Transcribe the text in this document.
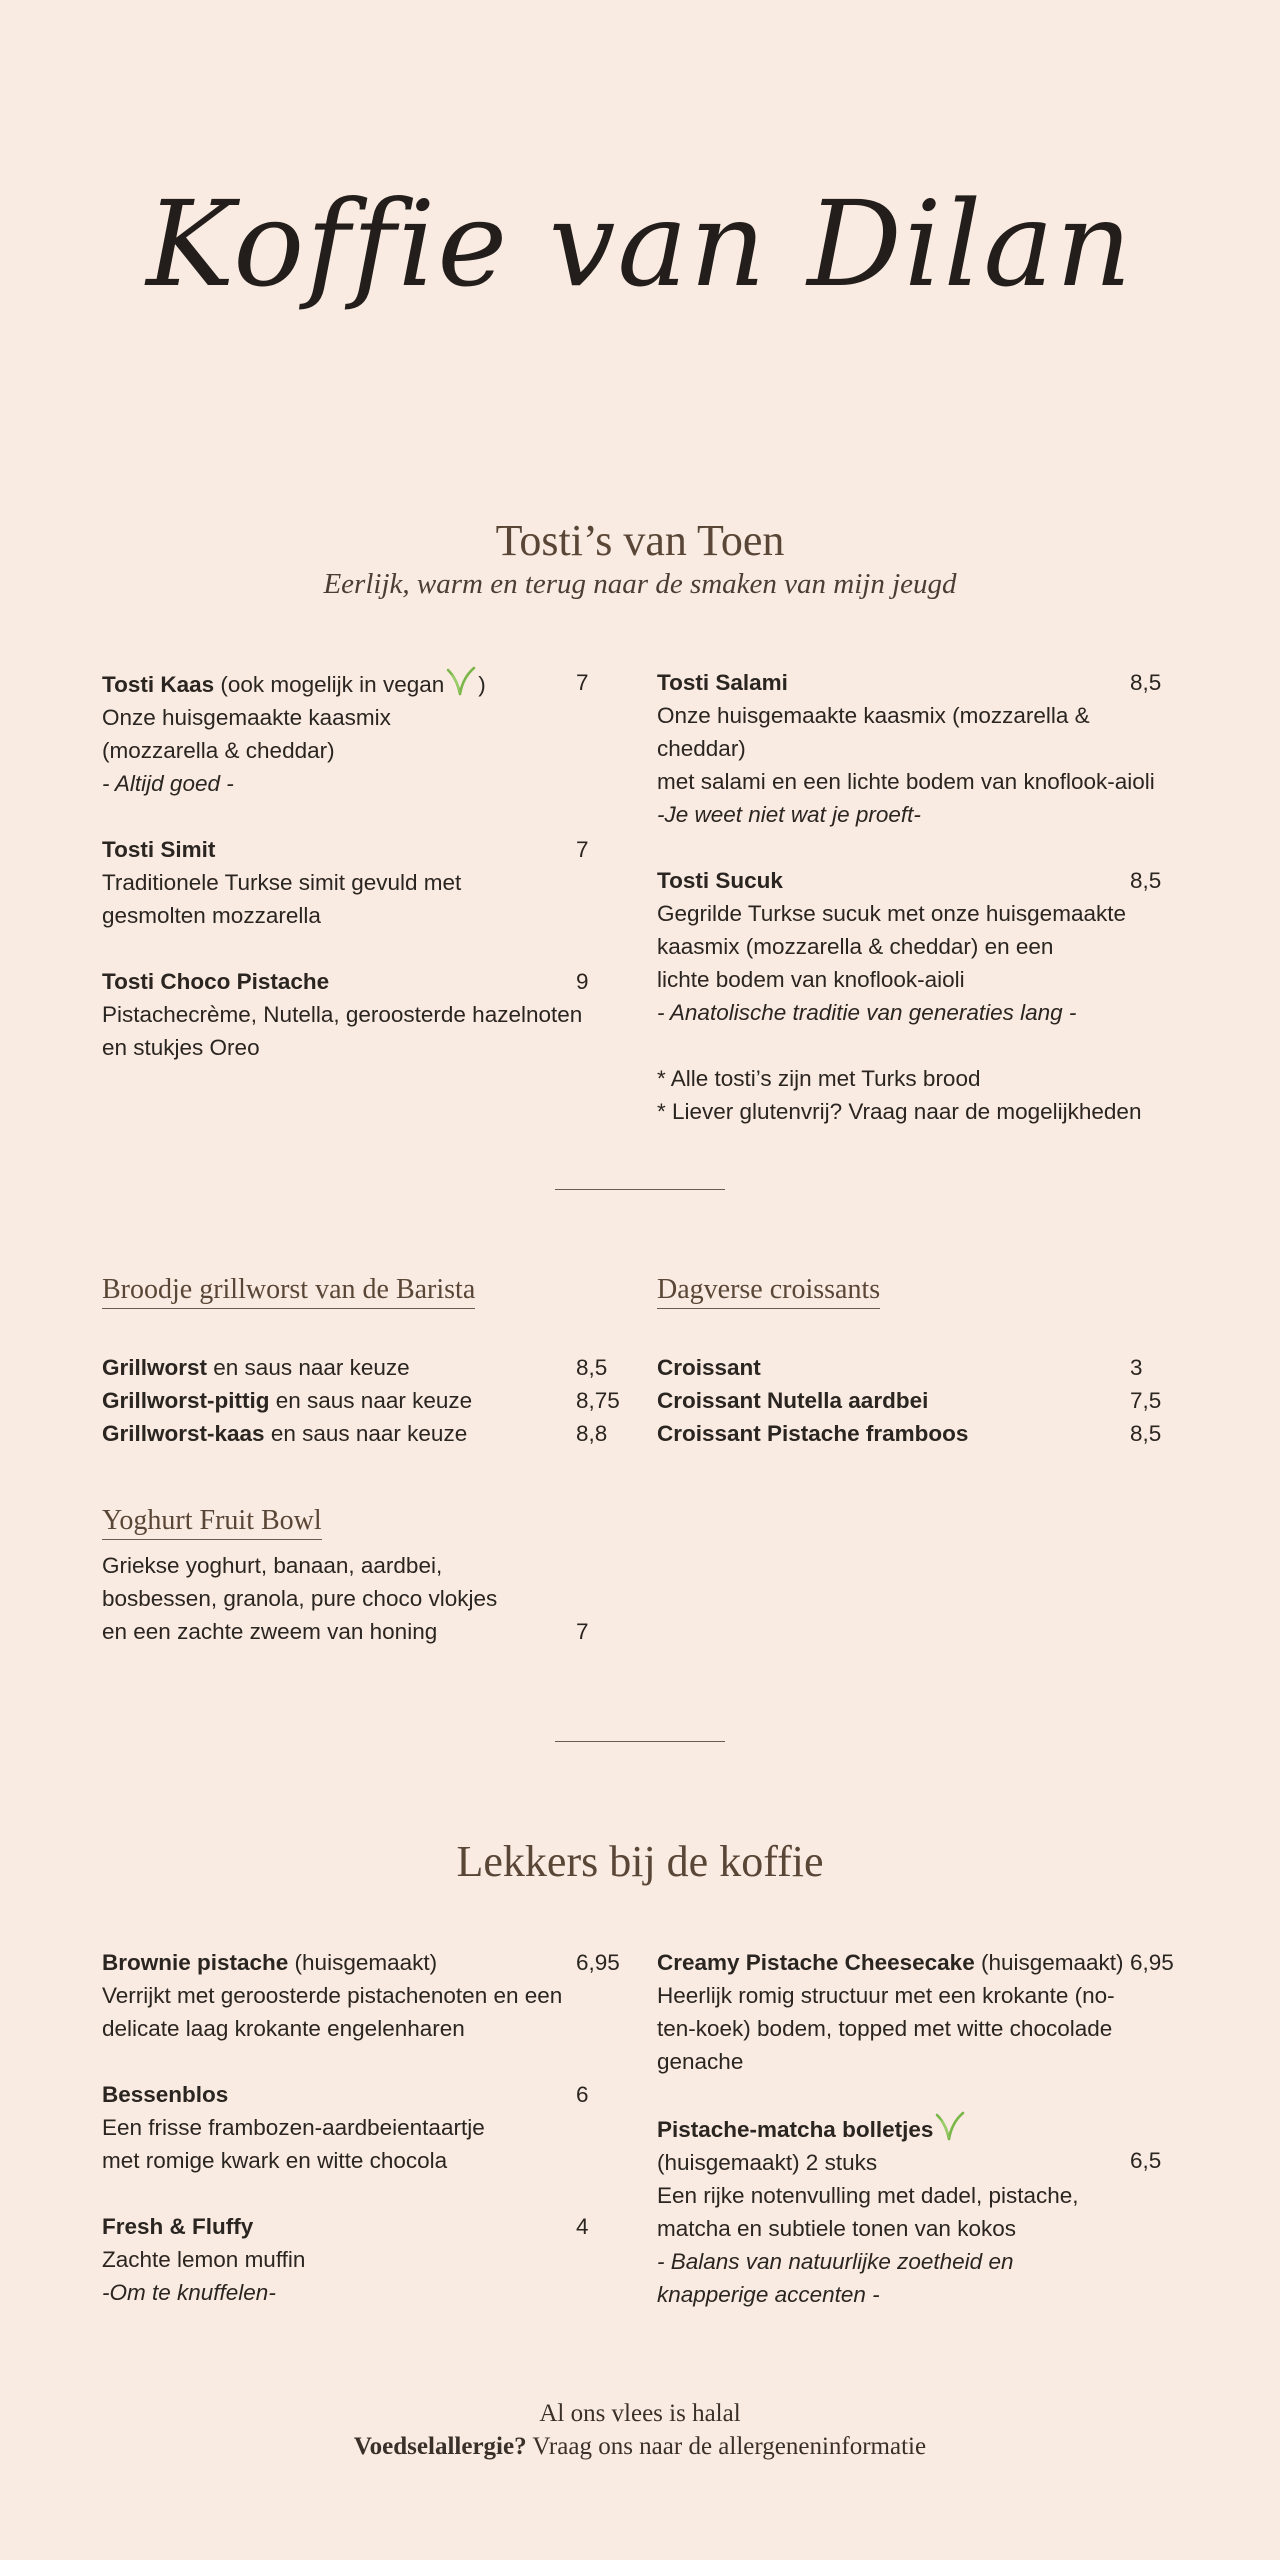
Koffie van Dilan
Tosti’s van Toen
Eerlijk, warm en terug naar de smaken van mijn jeugd
Tosti Kaas (ook mogelijk in vegan )	7
Onze huisgemaakte kaasmix
(mozzarella & cheddar)
- Altijd goed -
Tosti Simit	7
Traditionele Turkse simit gevuld met
gesmolten mozzarella
Tosti Choco Pistache	9
Pistachecrème, Nutella, geroosterde hazelnoten
en stukjes Oreo
Tosti Salami	8,5
Onze huisgemaakte kaasmix (mozzarella & cheddar)
met salami en een lichte bodem van knoflook-aioli
-Je weet niet wat je proeft-
Tosti Sucuk	8,5
Gegrilde Turkse sucuk met onze huisgemaakte
kaasmix (mozzarella & cheddar) en een
lichte bodem van knoflook-aioli
- Anatolische traditie van generaties lang -
* Alle tosti’s zijn met Turks brood
* Liever glutenvrij? Vraag naar de mogelijkheden
Broodje grillworst van de Barista
Grillworst en saus naar keuze	8,5
Grillworst-pittig en saus naar keuze	8,75
Grillworst-kaas en saus naar keuze	8,8
Dagverse croissants
Croissant	3
Croissant Nutella aardbei	7,5
Croissant Pistache framboos	8,5
Yoghurt Fruit Bowl
Griekse yoghurt, banaan, aardbei,
bosbessen, granola, pure choco vlokjes
en een zachte zweem van honing	7
Lekkers bij de koffie
Brownie pistache (huisgemaakt)	6,95
Verrijkt met geroosterde pistachenoten en een
delicate laag krokante engelenharen
Bessenblos	6
Een frisse frambozen-aardbeientaartje
met romige kwark en witte chocola
Fresh & Fluffy	4
Zachte lemon muffin
-Om te knuffelen-
Creamy Pistache Cheesecake (huisgemaakt) 6,95
Heerlijk romig structuur met een krokante (no-
ten-koek) bodem, topped met witte chocolade
genache
Pistache-matcha bolletjes
(huisgemaakt) 2 stuks	6,5
Een rijke notenvulling met dadel, pistache,
matcha en subtiele tonen van kokos
- Balans van natuurlijke zoetheid en
knapperige accenten -
Al ons vlees is halal
Voedselallergie? Vraag ons naar de allergeneninformatie
